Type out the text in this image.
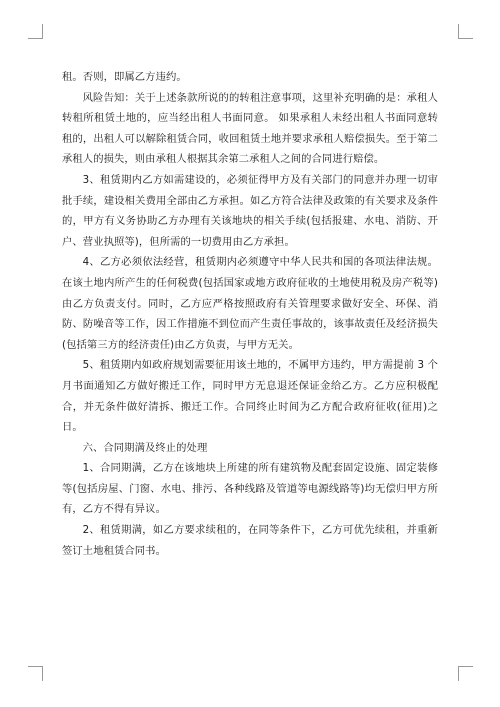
租。否则，即属乙方违约。

风险告知：关于上述条款所说的的转租注意事项，这里补充明确的是：承租人转租所租赁土地的，应当经出租人书面同意。 如果承租人未经出租人书面同意转租的，出租人可以解除租赁合同，收回租赁土地并要求承租人赔偿损失。至于第二承租人的损失，则由承租人根据其余第二承租人之间的合同进行赔偿。

3、租赁期内乙方如需建设的，必须征得甲方及有关部门的同意并办理一切审批手续，建设相关费用全部由乙方承担。如乙方符合法律及政策的有关要求及条件的，甲方有义务协助乙方办理有关该地块的相关手续(包括报建、水电、消防、开户、营业执照等)，但所需的一切费用由乙方承担。

4、乙方必须依法经营，租赁期内必须遵守中华人民共和国的各项法律法规。在该土地内所产生的任何税费(包括国家或地方政府征收的土地使用税及房产税等)由乙方负责支付。同时，乙方应严格按照政府有关管理要求做好安全、环保、消防、防噪音等工作，因工作措施不到位而产生责任事故的，该事故责任及经济损失(包括第三方的经济责任)由乙方负责，与甲方无关。

5、租赁期内如政府规划需要征用该土地的，不属甲方违约，甲方需提前 3 个月书面通知乙方做好搬迁工作，同时甲方无息退还保证金给乙方。乙方应积极配合，并无条件做好清拆、搬迁工作。合同终止时间为乙方配合政府征收(征用)之日。

六、合同期满及终止的处理

1、合同期满，乙方在该地块上所建的所有建筑物及配套固定设施、固定装修等(包括房屋、门窗、水电、排污、各种线路及管道等电源线路等)均无偿归甲方所有，乙方不得有异议。

2、租赁期满，如乙方要求续租的，在同等条件下，乙方可优先续租，并重新签订土地租赁合同书。
